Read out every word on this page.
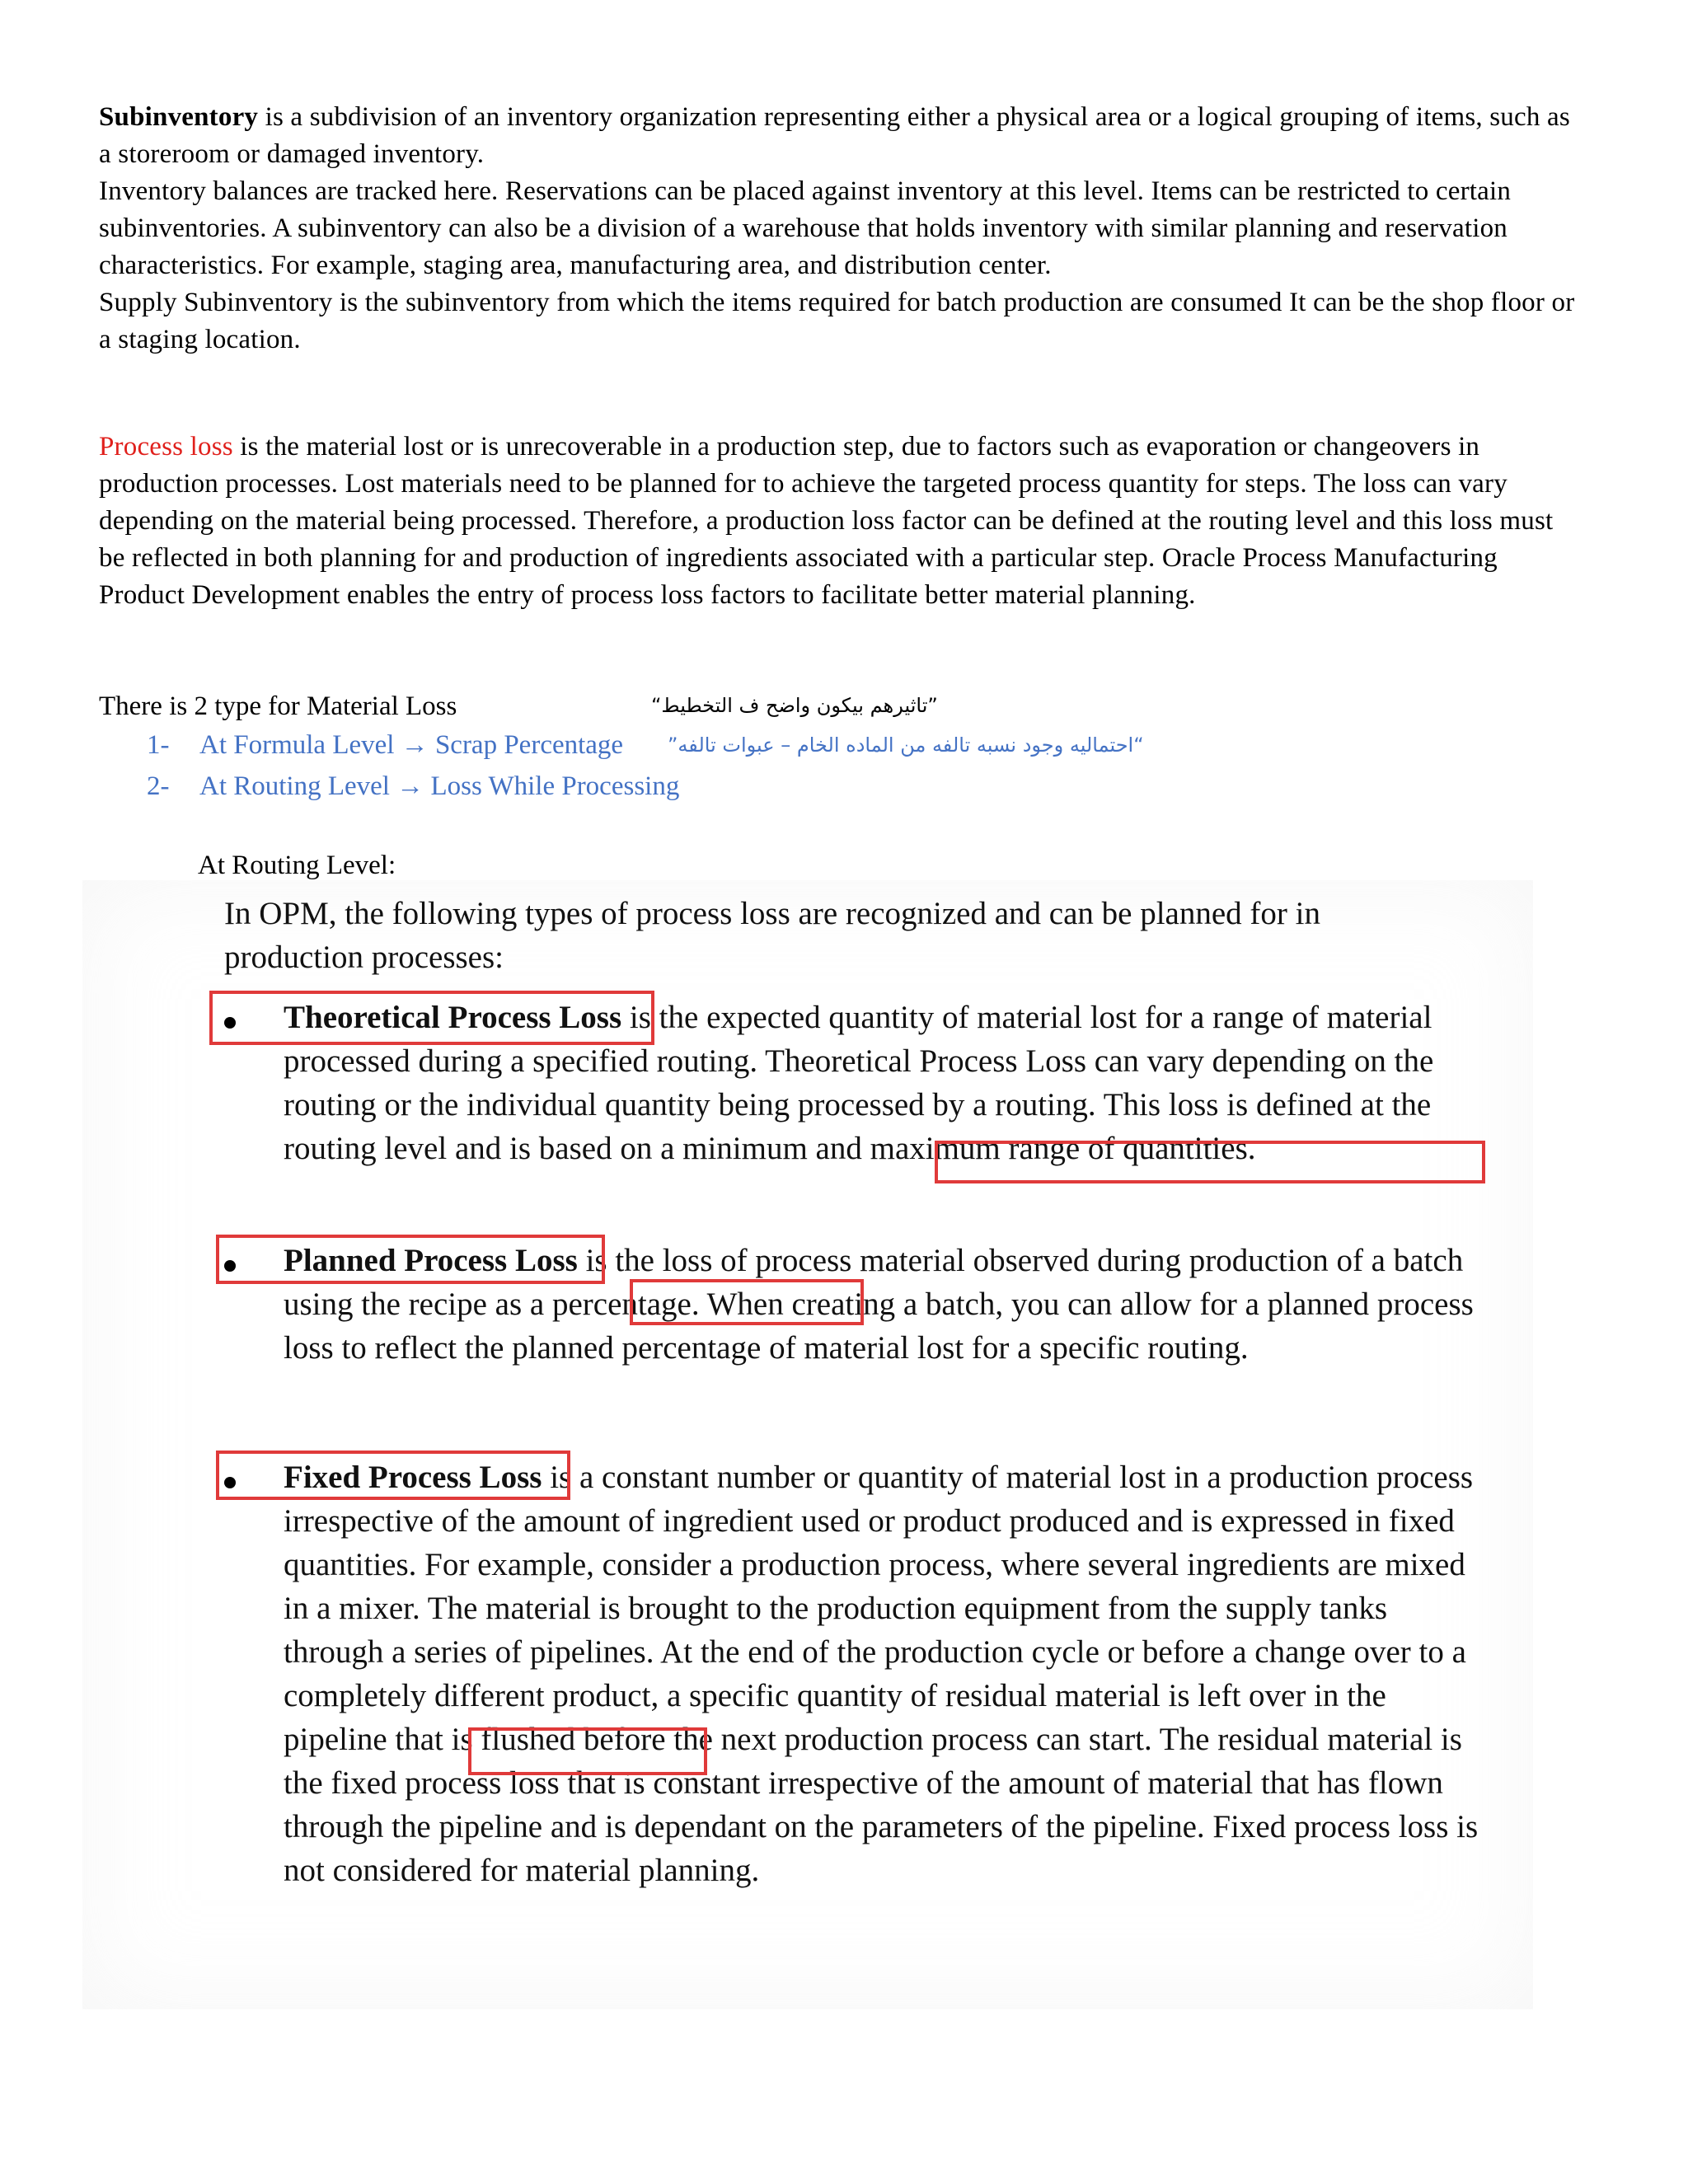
Subinventory is a subdivision of an inventory organization representing either a physical area or a logical grouping of items, such as a storeroom or damaged inventory.
Inventory balances are tracked here. Reservations can be placed against inventory at this level. Items can be restricted to certain subinventories. A subinventory can also be a division of a warehouse that holds inventory with similar planning and reservation characteristics. For example, staging area, manufacturing area, and distribution center.
Supply Subinventory is the subinventory from which the items required for batch production are consumed It can be the shop floor or a staging location.
Process loss is the material lost or is unrecoverable in a production step, due to factors such as evaporation or changeovers in production processes. Lost materials need to be planned for to achieve the targeted process quantity for steps. The loss can vary depending on the material being processed. Therefore, a production loss factor can be defined at the routing level and this loss must be reflected in both planning for and production of ingredients associated with a particular step. Oracle Process Manufacturing Product Development enables the entry of process loss factors to facilitate better material planning.
There is 2 type for Material Loss	”تاثيرهم بيكون واضح ف التخطيط“
1- At Formula Level → Scrap Percentage “احتماليه وجود نسبه تالفه من الماده الخام – عبوات تالفه”
2- At Routing Level → Loss While Processing
At Routing Level:
In OPM, the following types of process loss are recognized and can be planned for in production processes:
Theoretical Process Loss is the expected quantity of material lost for a range of material processed during a specified routing. Theoretical Process Loss can vary depending on the routing or the individual quantity being processed by a routing. This loss is defined at the routing level and is based on a minimum and maximum range of quantities.
Planned Process Loss is the loss of process material observed during production of a batch using the recipe as a percentage. When creating a batch, you can allow for a planned process loss to reflect the planned percentage of material lost for a specific routing.
Fixed Process Loss is a constant number or quantity of material lost in a production process irrespective of the amount of ingredient used or product produced and is expressed in fixed quantities. For example, consider a production process, where several ingredients are mixed in a mixer. The material is brought to the production equipment from the supply tanks through a series of pipelines. At the end of the production cycle or before a change over to a completely different product, a specific quantity of residual material is left over in the pipeline that is flushed before the next production process can start. The residual material is the fixed process loss that is constant irrespective of the amount of material that has flown through the pipeline and is dependant on the parameters of the pipeline. Fixed process loss is not considered for material planning.
